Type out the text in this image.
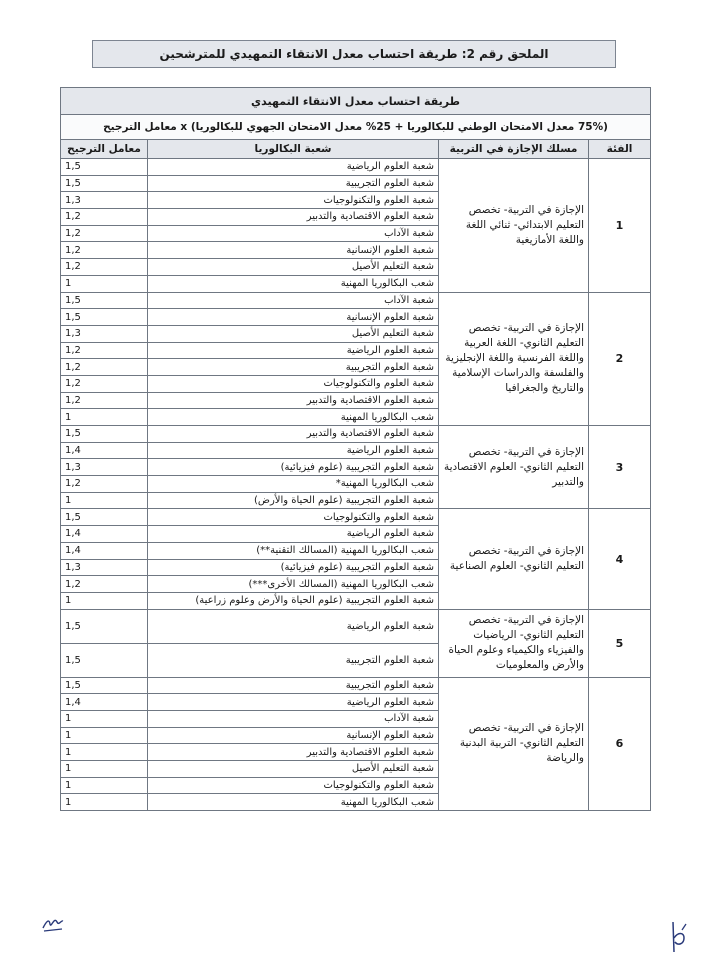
الملحق رقم 2: طريقة احتساب معدل الانتقاء التمهيدي للمترشحين
طريقة احتساب معدل الانتقاء التمهيدي			
(75% معدل الامتحان الوطني للبكالوريا + 25% معدل الامتحان الجهوي للبكالوريا) x معامل الترجيح			
الفئة	مسلك الإجازة في التربية	شعبة البكالوريا	معامل الترجيح
1	الإجازة في التربية- تخصص التعليم الابتدائي- ثنائي اللغة واللغة الأمازيغية	شعبة العلوم الرياضية	1,5
		شعبة العلوم التجريبية	1,5
		شعبة العلوم والتكنولوجيات	1,3
		شعبة العلوم الاقتصادية والتدبير	1,2
		شعبة الآداب	1,2
		شعبة العلوم الإنسانية	1,2
		شعبة التعليم الأصيل	1,2
		شعب البكالوريا المهنية	1
2	الإجازة في التربية- تخصص التعليم الثانوي- اللغة العربية واللغة الفرنسية واللغة الإنجليزية والفلسفة والدراسات الإسلامية والتاريخ والجغرافيا	شعبة الآداب	1,5
		شعبة العلوم الإنسانية	1,5
		شعبة التعليم الأصيل	1,3
		شعبة العلوم الرياضية	1,2
		شعبة العلوم التجريبية	1,2
		شعبة العلوم والتكنولوجيات	1,2
		شعبة العلوم الاقتصادية والتدبير	1,2
		شعب البكالوريا المهنية	1
3	الإجازة في التربية- تخصص التعليم الثانوي- العلوم الاقتصادية والتدبير	شعبة العلوم الاقتصادية والتدبير	1,5
		شعبة العلوم الرياضية	1,4
		شعبة العلوم التجريبية (علوم فيزيائية)	1,3
		شعب البكالوريا المهنية*	1,2
		شعبة العلوم التجريبية (علوم الحياة والأرض)	1
4	الإجازة في التربية- تخصص التعليم الثانوي- العلوم الصناعية	شعبة العلوم والتكنولوجيات	1,5
		شعبة العلوم الرياضية	1,4
		شعب البكالوريا المهنية (المسالك التقنية**)	1,4
		شعبة العلوم التجريبية (علوم فيزيائية)	1,3
		شعب البكالوريا المهنية (المسالك الأخرى***)	1,2
		شعبة العلوم التجريبية (علوم الحياة والأرض وعلوم زراعية)	1
5	الإجازة في التربية- تخصص التعليم الثانوي- الرياضيات والفيزياء والكيمياء وعلوم الحياة والأرض والمعلوميات	شعبة العلوم الرياضية	1,5
		شعبة العلوم التجريبية	1,5
6	الإجازة في التربية- تخصص التعليم الثانوي- التربية البدنية والرياضة	شعبة العلوم التجريبية	1,5
		شعبة العلوم الرياضية	1,4
		شعبة الآداب	1
		شعبة العلوم الإنسانية	1
		شعبة العلوم الاقتصادية والتدبير	1
		شعبة التعليم الأصيل	1
		شعبة العلوم والتكنولوجيات	1
		شعب البكالوريا المهنية	1
